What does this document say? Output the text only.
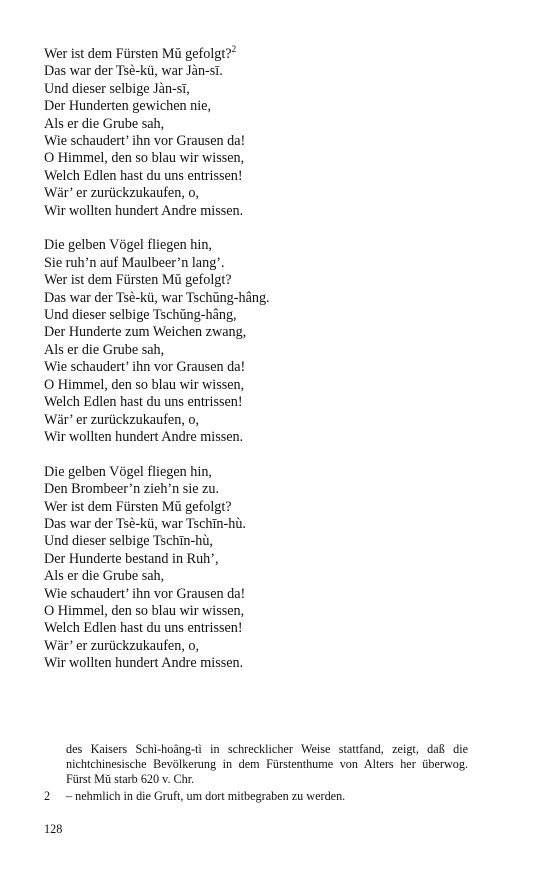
Wer ist dem Fürsten Mŭ gefolgt?$^2$
Das war der Tsè-kü, war Jàn-sī.
Und dieser selbige Jàn-sī,
Der Hunderten gewichen nie,
Als er die Grube sah,
Wie schaudert’ ihn vor Grausen da!
O Himmel, den so blau wir wissen,
Welch Edlen hast du uns entrissen!
Wär’ er zurückzukaufen, o,
Wir wollten hundert Andre missen.
Die gelben Vögel fliegen hin,
Sie ruh’n auf Maulbeer’n lang’.
Wer ist dem Fürsten Mŭ gefolgt?
Das war der Tsè-kü, war Tschŭng-hâng.
Und dieser selbige Tschŭng-hâng,
Der Hunderte zum Weichen zwang,
Als er die Grube sah,
Wie schaudert’ ihn vor Grausen da!
O Himmel, den so blau wir wissen,
Welch Edlen hast du uns entrissen!
Wär’ er zurückzukaufen, o,
Wir wollten hundert Andre missen.
Die gelben Vögel fliegen hin,
Den Brombeer’n zieh’n sie zu.
Wer ist dem Fürsten Mŭ gefolgt?
Das war der Tsè-kü, war Tschīn-hù.
Und dieser selbige Tschīn-hù,
Der Hunderte bestand in Ruh’,
Als er die Grube sah,
Wie schaudert’ ihn vor Grausen da!
O Himmel, den so blau wir wissen,
Welch Edlen hast du uns entrissen!
Wär’ er zurückzukaufen, o,
Wir wollten hundert Andre missen.
des Kaisers Schì-hoâng-tì in schrecklicher Weise stattfand, zeigt, daß die nichtchinesische Bevölkerung in dem Fürstenthume von Alters her überwog. Fürst Mŭ starb 620 v. Chr.
2	– nehmlich in die Gruft, um dort mitbegraben zu werden.
128
